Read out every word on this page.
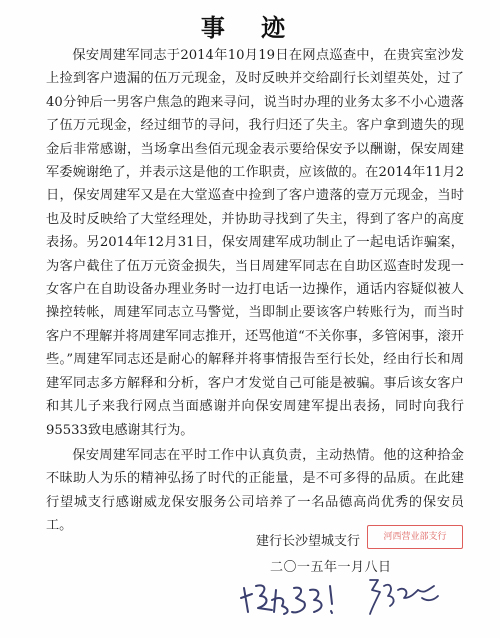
事 迹

保安周建军同志于2014年10月19日在网点巡查中，在贵宾室沙发上捡到客户遗漏的伍万元现金，及时反映并交给副行长刘望英处，过了40分钟后一男客户焦急的跑来寻问，说当时办理的业务太多不小心遗落了伍万元现金，经过细节的寻问，我行归还了失主。客户拿到遗失的现金后非常感谢，当场拿出叁佰元现金表示要给保安予以酬谢，保安周建军委婉谢绝了，并表示这是他的工作职责，应该做的。在2014年11月2日，保安周建军又是在大堂巡查中捡到了客户遗落的壹万元现金，当时也及时反映给了大堂经理处，并协助寻找到了失主，得到了客户的高度表扬。另2014年12月31日，保安周建军成功制止了一起电话诈骗案，为客户截住了伍万元资金损失，当日周建军同志在自助区巡查时发现一女客户在自助设备办理业务时一边打电话一边操作，通话内容疑似被人操控转帐，周建军同志立马警觉，当即制止要该客户转账行为，而当时客户不理解并将周建军同志推开，还骂他道“不关你事，多管闲事，滚开些。”周建军同志还是耐心的解释并将事情报告至行长处，经由行长和周建军同志多方解释和分析，客户才发觉自己可能是被骗。事后该女客户和其儿子来我行网点当面感谢并向保安周建军提出表扬，同时向我行95533致电感谢其行为。

保安周建军同志在平时工作中认真负责，主动热情。他的这种拾金不昧助人为乐的精神弘扬了时代的正能量，是不可多得的品质。在此建行望城支行感谢威龙保安服务公司培养了一名品德高尚优秀的保安员工。

建行长沙望城支行	河西营业部支行
二〇一五年一月八日
